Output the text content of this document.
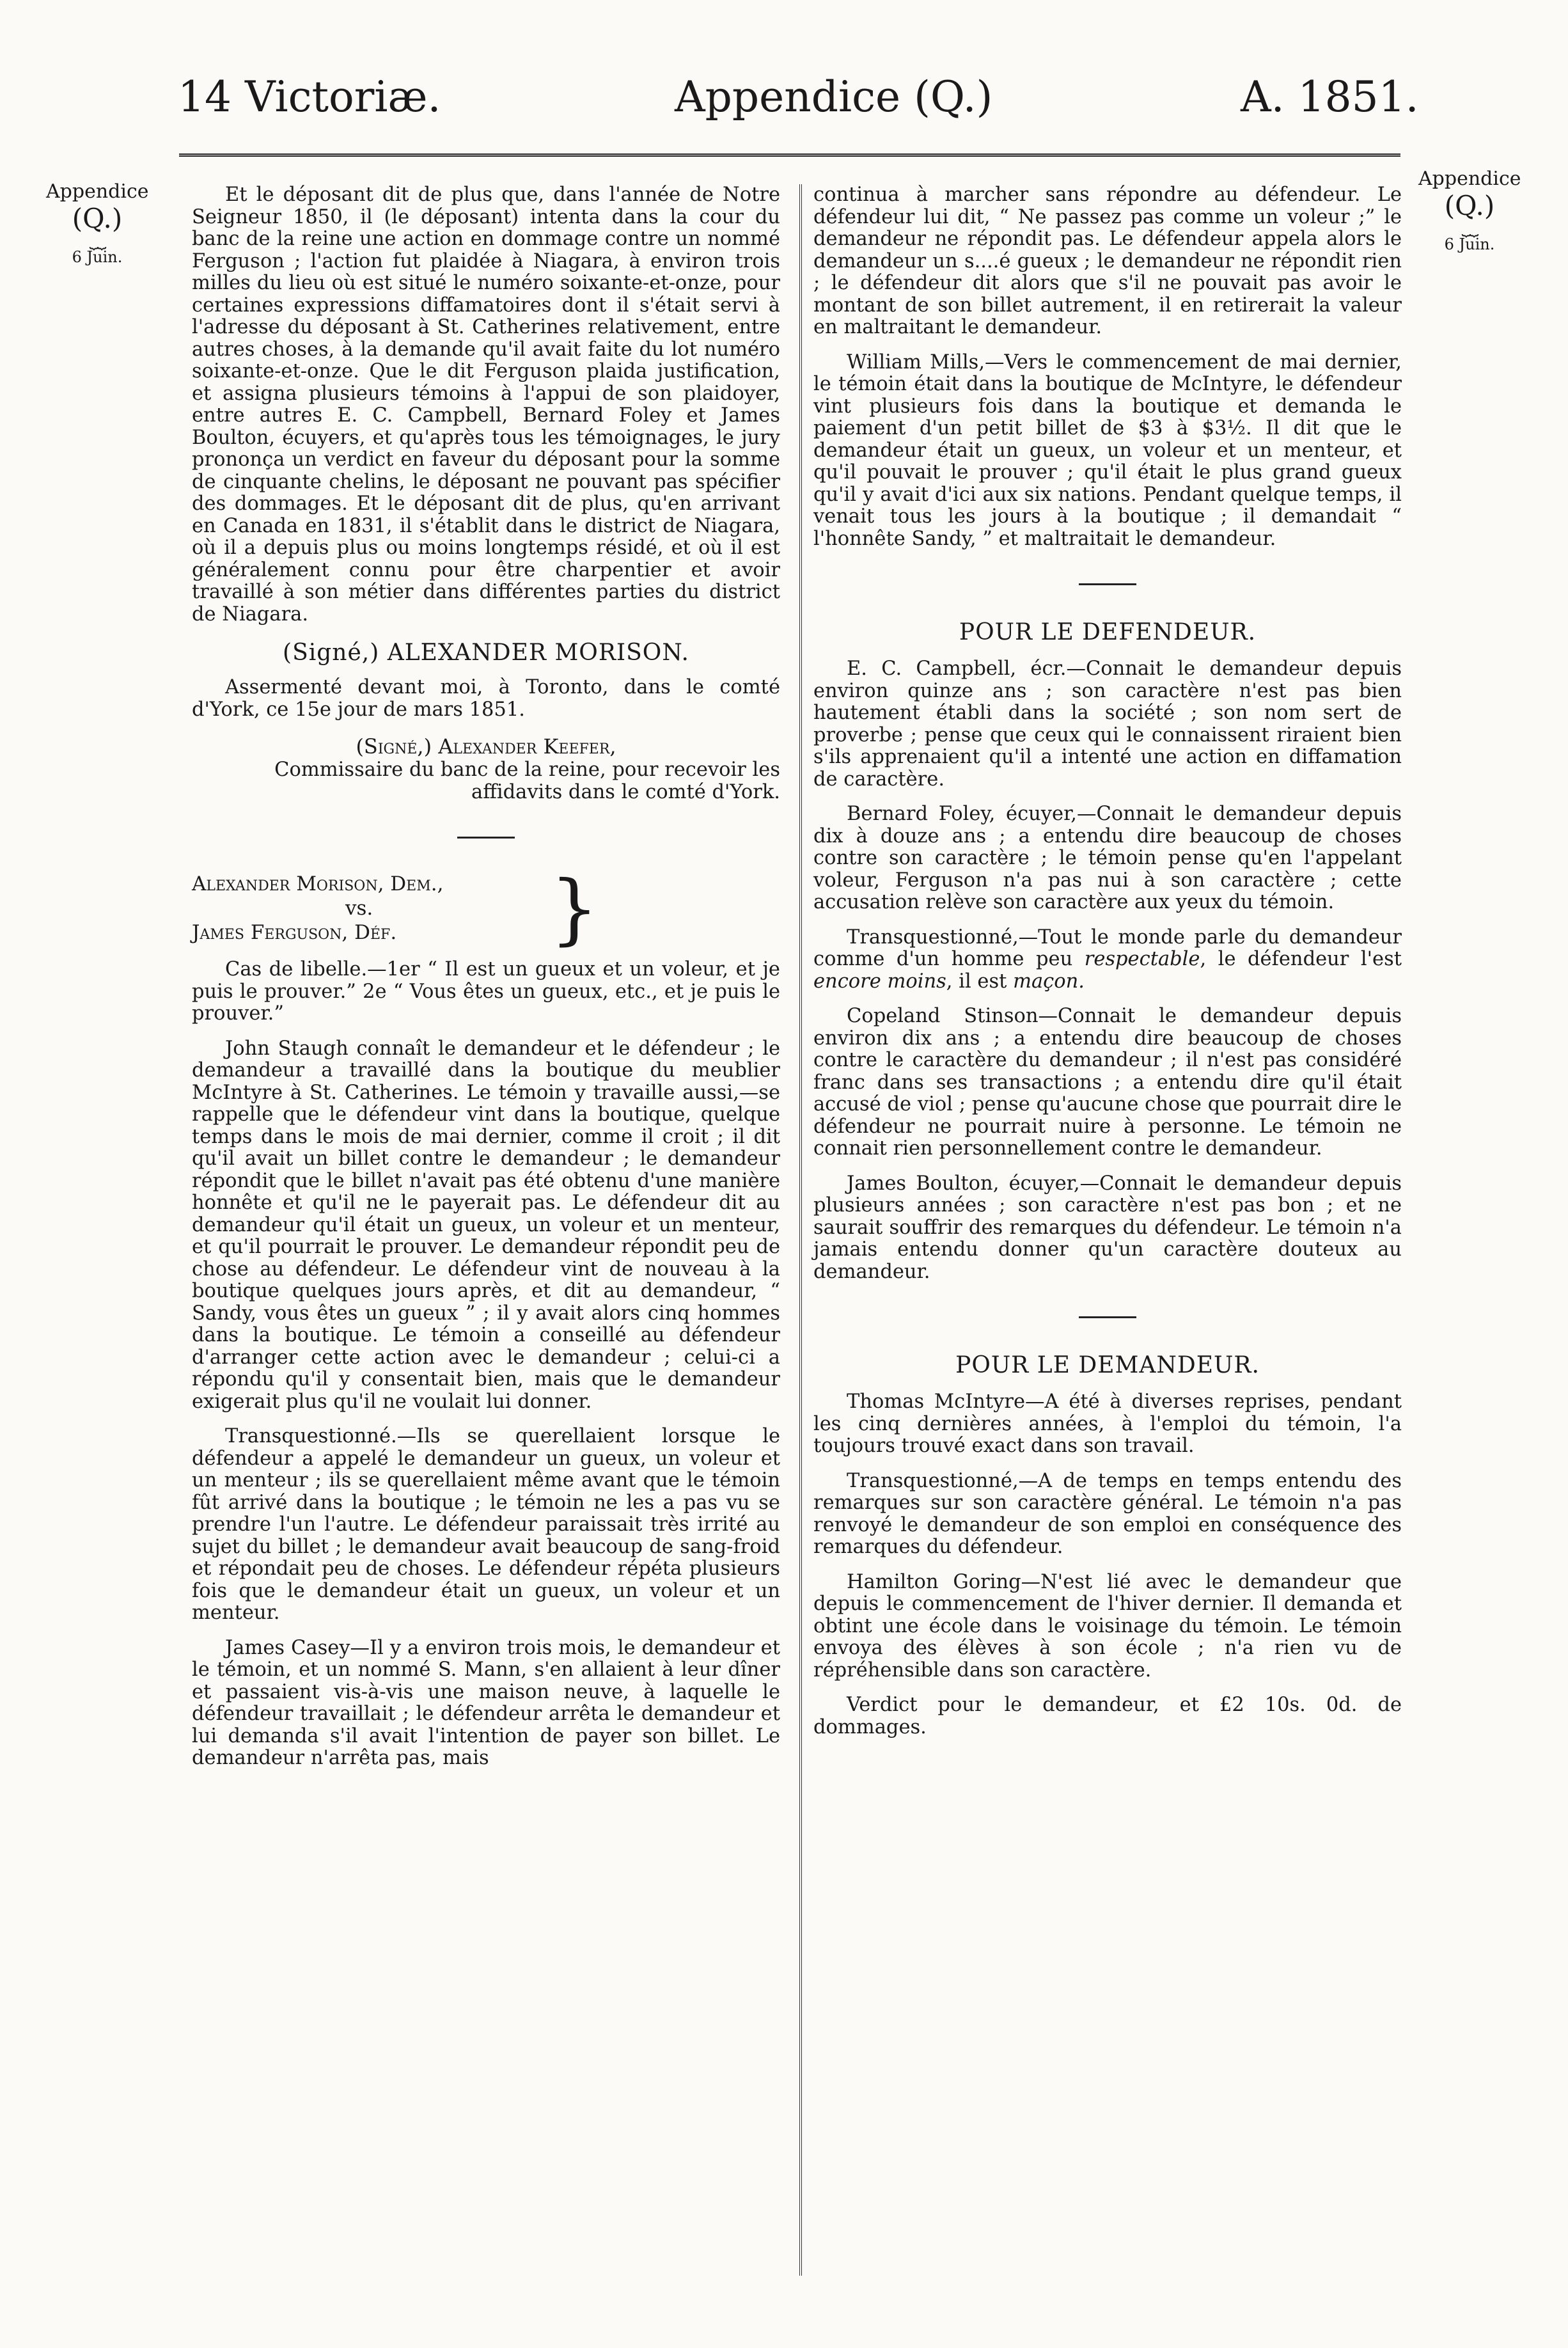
14 Victoriæ.	Appendice (Q.)	A. 1851.
Appendice
(Q.)
⏟⏟
6 Juin.
Appendice
(Q.)
⏟⏟
6 Juin.

Et le déposant dit de plus que, dans l'année de Notre Seigneur 1850, il (le déposant) intenta dans la cour du banc de la reine une action en dommage contre un nommé Ferguson ; l'action fut plaidée à Niagara, à environ trois milles du lieu où est situé le numéro soixante-et-onze, pour certaines expressions diffamatoires dont il s'était servi à l'adresse du déposant à St. Catherines relativement, entre autres choses, à la demande qu'il avait faite du lot numéro soixante-et-onze. Que le dit Ferguson plaida justification, et assigna plusieurs témoins à l'appui de son plaidoyer, entre autres E. C. Campbell, Bernard Foley et James Boulton, écuyers, et qu'après tous les témoignages, le jury prononça un verdict en faveur du déposant pour la somme de cinquante chelins, le déposant ne pouvant pas spécifier des dommages. Et le déposant dit de plus, qu'en arrivant en Canada en 1831, il s'établit dans le district de Niagara, où il a depuis plus ou moins longtemps résidé, et où il est généralement connu pour être charpentier et avoir travaillé à son métier dans différentes parties du district de Niagara.

(Signé,) ALEXANDER MORISON.

Assermenté devant moi, à Toronto, dans le comté d'York, ce 15e jour de mars 1851.

(Signé,) Alexander Keefer,

Commissaire du banc de la reine, pour recevoir les affidavits dans le comté d'York.

Alexander Morison, Dem.,
vs.
James Ferguson, Déf.	}

Cas de libelle.—1er “ Il est un gueux et un voleur, et je puis le prouver.” 2e “ Vous êtes un gueux, etc., et je puis le prouver.”

John Staugh connaît le demandeur et le défendeur ; le demandeur a travaillé dans la boutique du meublier McIntyre à St. Catherines. Le témoin y travaille aussi,—se rappelle que le défendeur vint dans la boutique, quelque temps dans le mois de mai dernier, comme il croit ; il dit qu'il avait un billet contre le demandeur ; le demandeur répondit que le billet n'avait pas été obtenu d'une manière honnête et qu'il ne le payerait pas. Le défendeur dit au demandeur qu'il était un gueux, un voleur et un menteur, et qu'il pourrait le prouver. Le demandeur répondit peu de chose au défendeur. Le défendeur vint de nouveau à la boutique quelques jours après, et dit au demandeur, “ Sandy, vous êtes un gueux ” ; il y avait alors cinq hommes dans la boutique. Le témoin a conseillé au défendeur d'arranger cette action avec le demandeur ; celui-ci a répondu qu'il y consentait bien, mais que le demandeur exigerait plus qu'il ne voulait lui donner.

Transquestionné.—Ils se querellaient lorsque le défendeur a appelé le demandeur un gueux, un voleur et un menteur ; ils se querellaient même avant que le témoin fût arrivé dans la boutique ; le témoin ne les a pas vu se prendre l'un l'autre. Le défendeur paraissait très irrité au sujet du billet ; le demandeur avait beaucoup de sang-froid et répondait peu de choses. Le défendeur répéta plusieurs fois que le demandeur était un gueux, un voleur et un menteur.

James Casey—Il y a environ trois mois, le demandeur et le témoin, et un nommé S. Mann, s'en allaient à leur dîner et passaient vis-à-vis une maison neuve, à laquelle le défendeur travaillait ; le défendeur arrêta le demandeur et lui demanda s'il avait l'intention de payer son billet. Le demandeur n'arrêta pas, mais

continua à marcher sans répondre au défendeur. Le défendeur lui dit, “ Ne passez pas comme un voleur ;” le demandeur ne répondit pas. Le défendeur appela alors le demandeur un s....é gueux ; le demandeur ne répondit rien ; le défendeur dit alors que s'il ne pouvait pas avoir le montant de son billet autrement, il en retirerait la valeur en maltraitant le demandeur.

William Mills,—Vers le commencement de mai dernier, le témoin était dans la boutique de McIntyre, le défendeur vint plusieurs fois dans la boutique et demanda le paiement d'un petit billet de $3 à $3½. Il dit que le demandeur était un gueux, un voleur et un menteur, et qu'il pouvait le prouver ; qu'il était le plus grand gueux qu'il y avait d'ici aux six nations. Pendant quelque temps, il venait tous les jours à la boutique ; il demandait “ l'honnête Sandy, ” et maltraitait le demandeur.

POUR LE DEFENDEUR.

E. C. Campbell, écr.—Connait le demandeur depuis environ quinze ans ; son caractère n'est pas bien hautement établi dans la société ; son nom sert de proverbe ; pense que ceux qui le connaissent riraient bien s'ils apprenaient qu'il a intenté une action en diffamation de caractère.

Bernard Foley, écuyer,—Connait le demandeur depuis dix à douze ans ; a entendu dire beaucoup de choses contre son caractère ; le témoin pense qu'en l'appelant voleur, Ferguson n'a pas nui à son caractère ; cette accusation relève son caractère aux yeux du témoin.

Transquestionné,—Tout le monde parle du demandeur comme d'un homme peu respectable, le défendeur l'est encore moins, il est maçon.

Copeland Stinson—Connait le demandeur depuis environ dix ans ; a entendu dire beaucoup de choses contre le caractère du demandeur ; il n'est pas considéré franc dans ses transactions ; a entendu dire qu'il était accusé de viol ; pense qu'aucune chose que pourrait dire le défendeur ne pourrait nuire à personne. Le témoin ne connait rien personnellement contre le demandeur.

James Boulton, écuyer,—Connait le demandeur depuis plusieurs années ; son caractère n'est pas bon ; et ne saurait souffrir des remarques du défendeur. Le témoin n'a jamais entendu donner qu'un caractère douteux au demandeur.

POUR LE DEMANDEUR.

Thomas McIntyre—A été à diverses reprises, pendant les cinq dernières années, à l'emploi du témoin, l'a toujours trouvé exact dans son travail.

Transquestionné,—A de temps en temps entendu des remarques sur son caractère général. Le témoin n'a pas renvoyé le demandeur de son emploi en conséquence des remarques du défendeur.

Hamilton Goring—N'est lié avec le demandeur que depuis le commencement de l'hiver dernier. Il demanda et obtint une école dans le voisinage du témoin. Le témoin envoya des élèves à son école ; n'a rien vu de répréhensible dans son caractère.

Verdict pour le demandeur, et £2 10s. 0d. de dommages.
